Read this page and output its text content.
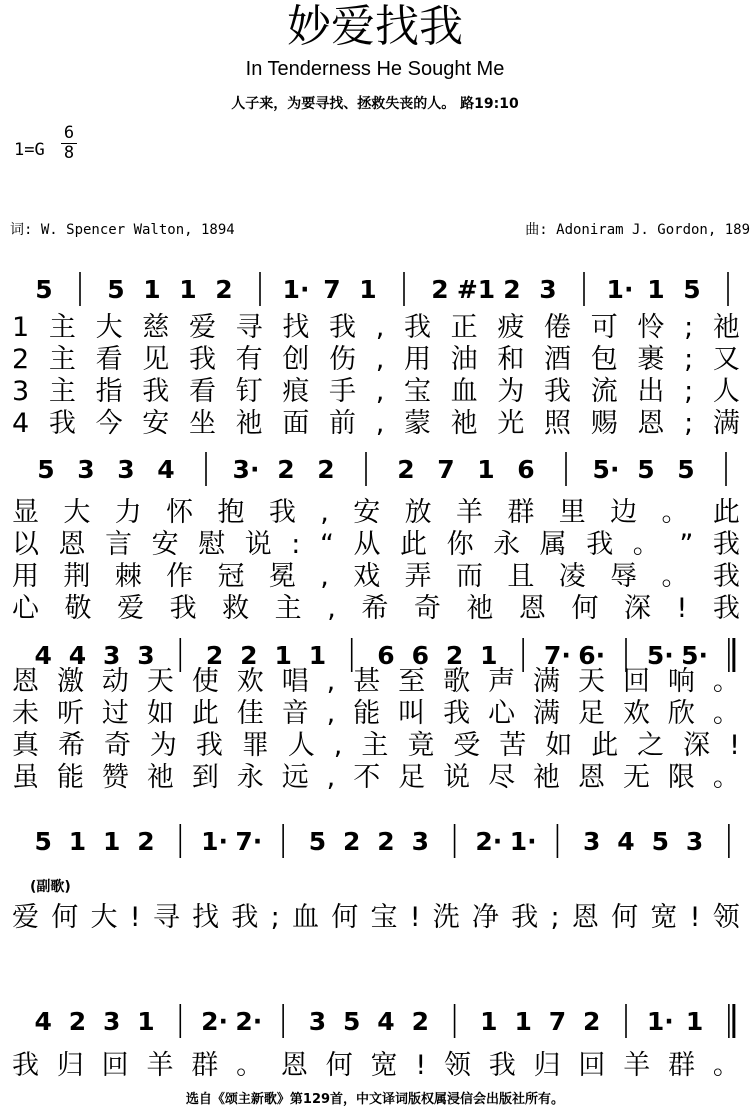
妙爱找我
In Tenderness He Sought Me
人子来，为要寻找、拯救失丧的人。 路19:10
1=G
6
8
词: W. Spencer Walton, 1894	曲: Adoniram J. Gordon, 189
5 5 1 1 2 1· 7 1 2 #1 2 3 1· 1 5
5 3 3 4 3· 2 2	2 7 1 6 5· 5 5
4 4 3 3 2 2 1 1 6 6 2 1 7· 6· 5· 5·
5 1 1 2 1· 7· 5 2 2 3 2· 1· 3 4 5 3
4 2 3 1 2· 2· 3 5 4 2 1 1 7 2 1· 1
1 主 大 慈 爱 寻 找 我 , 我 正 疲 倦 可 怜 ; 祂
2 主 看 见 我 有 创 伤 , 用 油 和 酒 包 裹 ; 又
3 主 指 我 看 钉 痕 手 , 宝 血 为 我 流 出 ; 人
4 我 今 安 坐 祂 面 前 , 蒙 祂 光 照 赐 恩 ; 满
显 大 力 怀 抱 我 , 安 放 羊 群 里 边 。 此
以 恩 言 安 慰 说 : “ 从 此 你 永 属 我 。 ” 我
用 荆 棘 作 冠 冕 , 戏 弄 而 且 凌 辱 。 我
心 敬 爱 我 救 主 , 希 奇 祂 恩 何 深 ! 我
恩 激 动 天 使 欢 唱 , 甚 至 歌 声 满 天 回 响 。
未 听 过 如 此 佳 音 , 能 叫 我 心 满 足 欢 欣 。
真 希 奇 为 我 罪 人 , 主 竟 受 苦 如 此 之 深 !
虽 能 赞 祂 到 永 远 , 不 足 说 尽 祂 恩 无 限 。
爱 何 大 ! 寻 找 我 ; 血 何 宝 ! 洗 净 我 ; 恩 何 宽 ! 领
我 归 回 羊 群 。 恩 何 宽 ! 领 我 归 回 羊 群 。
(副歌)
选自《颂主新歌》第129首，中文译词版权属浸信会出版社所有。
